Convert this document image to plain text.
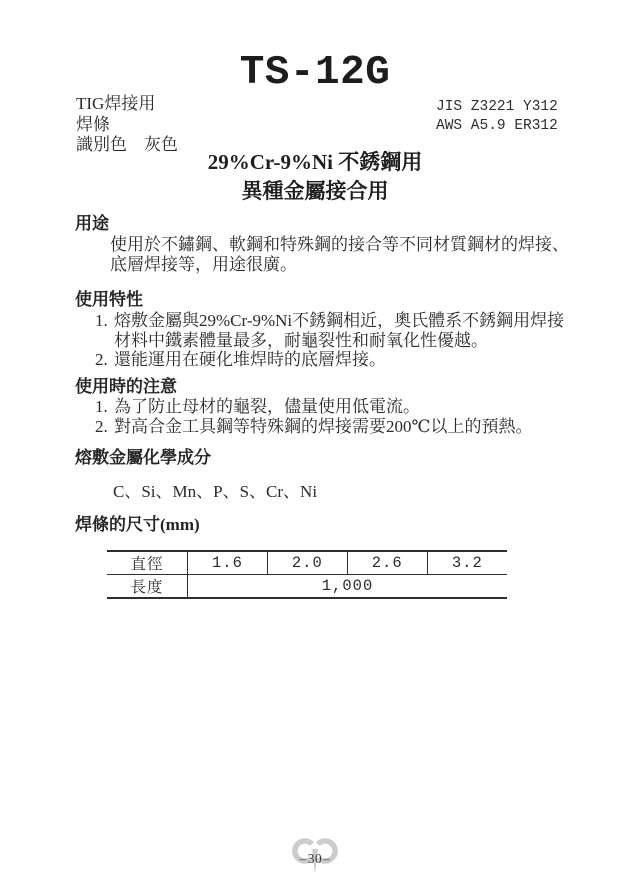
TS-12G
TIG焊接用
焊條
識別色　灰色
JIS Z3221 Y312
AWS A5.9 ER312
29%Cr-9%Ni 不銹鋼用
異種金屬接合用
用途
使用於不鏽鋼、軟鋼和特殊鋼的接合等不同材質鋼材的焊接、
底層焊接等，用途很廣。
使用特性
1. 熔敷金屬與29%Cr-9%Ni不銹鋼相近，奧氏體系不銹鋼用焊接
材料中鐵素體量最多，耐龜裂性和耐氧化性優越。
2. 還能運用在硬化堆焊時的底層焊接。
使用時的注意
1. 為了防止母材的龜裂，儘量使用低電流。
2. 對高合金工具鋼等特殊鋼的焊接需要200℃以上的預熱。
熔敷金屬化學成分
C、Si、Mn、P、S、Cr、Ni
焊條的尺寸(mm)
直徑	1.6	2.0	2.6	3.2
長度	1,000			
–30–
